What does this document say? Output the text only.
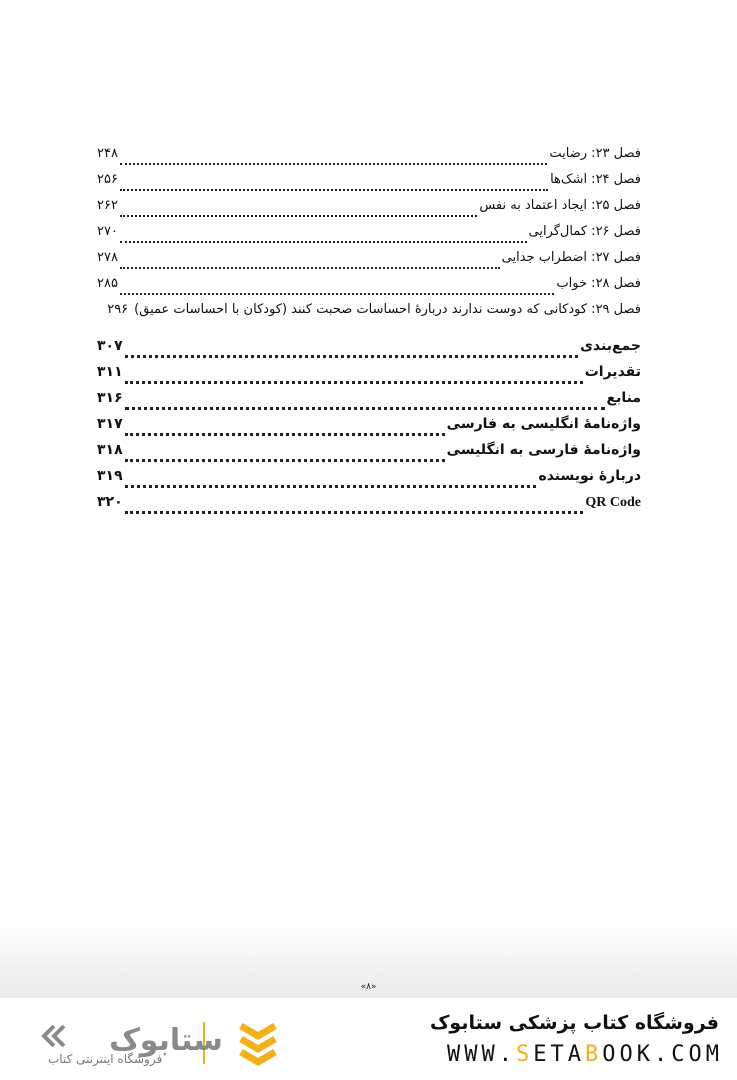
فصل ۲۳: رضایت
۲۴۸
فصل ۲۴: اشک‌ها
۲۵۶
فصل ۲۵: ایجاد اعتماد به نفس
۲۶۲
فصل ۲۶: کمال‌گرایی
۲۷۰
فصل ۲۷: اضطراب جدایی
۲۷۸
فصل ۲۸: خواب
۲۸۵
فصل ۲۹: کودکانی که دوست ندارند دربارهٔ احساسات صحبت کنند (کودکان با احساسات عمیق)
۲۹۶
جمع‌بندی
۳۰۷
تقدیرات
۳۱۱
منابع
۳۱۶
واژه‌نامهٔ انگلیسی به فارسی
۳۱۷
واژه‌نامهٔ فارسی به انگلیسی
۳۱۸
دربارهٔ نویسنده
۳۱۹
QR Code
۳۲۰
«۸»
ستابوک
فروشگاه اینترنتی کتاب
فروشگاه کتاب پزشکی ستابوک
WWW.SETABOOK.COM
